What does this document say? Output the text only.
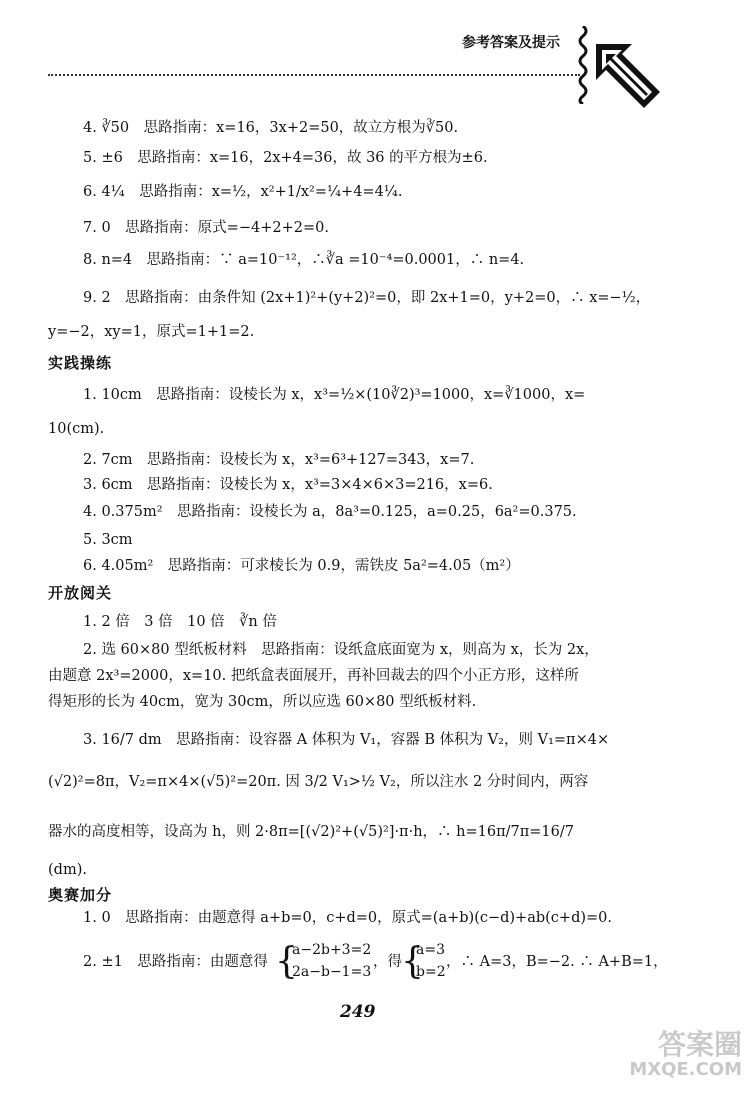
参考答案及提示
4. ∛50　思路指南：x=16，3x+2=50，故立方根为∛50.
5. ±6　思路指南：x=16，2x+4=36，故 36 的平方根为±6.
6. 4¼　思路指南：x=½，x²+1/x²=¼+4=4¼.
7. 0　思路指南：原式=−4+2+2=0.
8. n=4　思路指南：∵ a=10⁻¹²，∴∛a =10⁻⁴=0.0001，∴ n=4.
9. 2　思路指南：由条件知 (2x+1)²+(y+2)²=0，即 2x+1=0，y+2=0，∴ x=−½，
y=−2，xy=1，原式=1+1=2.
实践操练
1. 10cm　思路指南：设棱长为 x，x³=½×(10∛2)³=1000，x=∛1000，x=
10(cm).
2. 7cm　思路指南：设棱长为 x，x³=6³+127=343，x=7.
3. 6cm　思路指南：设棱长为 x，x³=3×4×6×3=216，x=6.
4. 0.375m²　思路指南：设棱长为 a，8a³=0.125，a=0.25，6a²=0.375.
5. 3cm
6. 4.05m²　思路指南：可求棱长为 0.9，需铁皮 5a²=4.05（m²）
开放阅关
1. 2 倍　3 倍　10 倍　∛n 倍
2. 选 60×80 型纸板材料　思路指南：设纸盒底面宽为 x，则高为 x，长为 2x，
由题意 2x³=2000，x=10. 把纸盒表面展开，再补回裁去的四个小正方形，这样所
得矩形的长为 40cm，宽为 30cm，所以应选 60×80 型纸板材料.
3. 16/7 dm　思路指南：设容器 A 体积为 V₁，容器 B 体积为 V₂，则 V₁=π×4×
(√2)²=8π，V₂=π×4×(√5)²=20π. 因 3/2 V₁>½ V₂，所以注水 2 分时间内，两容
器水的高度相等，设高为 h，则 2·8π=[(√2)²+(√5)²]·π·h，∴ h=16π/7π=16/7
(dm).
奥赛加分
1. 0　思路指南：由题意得 a+b=0，c+d=0，原式=(a+b)(c−d)+ab(c+d)=0.
2. ±1　思路指南：由题意得 {
a−2b+3=2
2a−b−1=3
，得 {
a=3
b=2
，∴ A=3，B=−2. ∴ A+B=1，
249
答案圈
MXQE.COM
